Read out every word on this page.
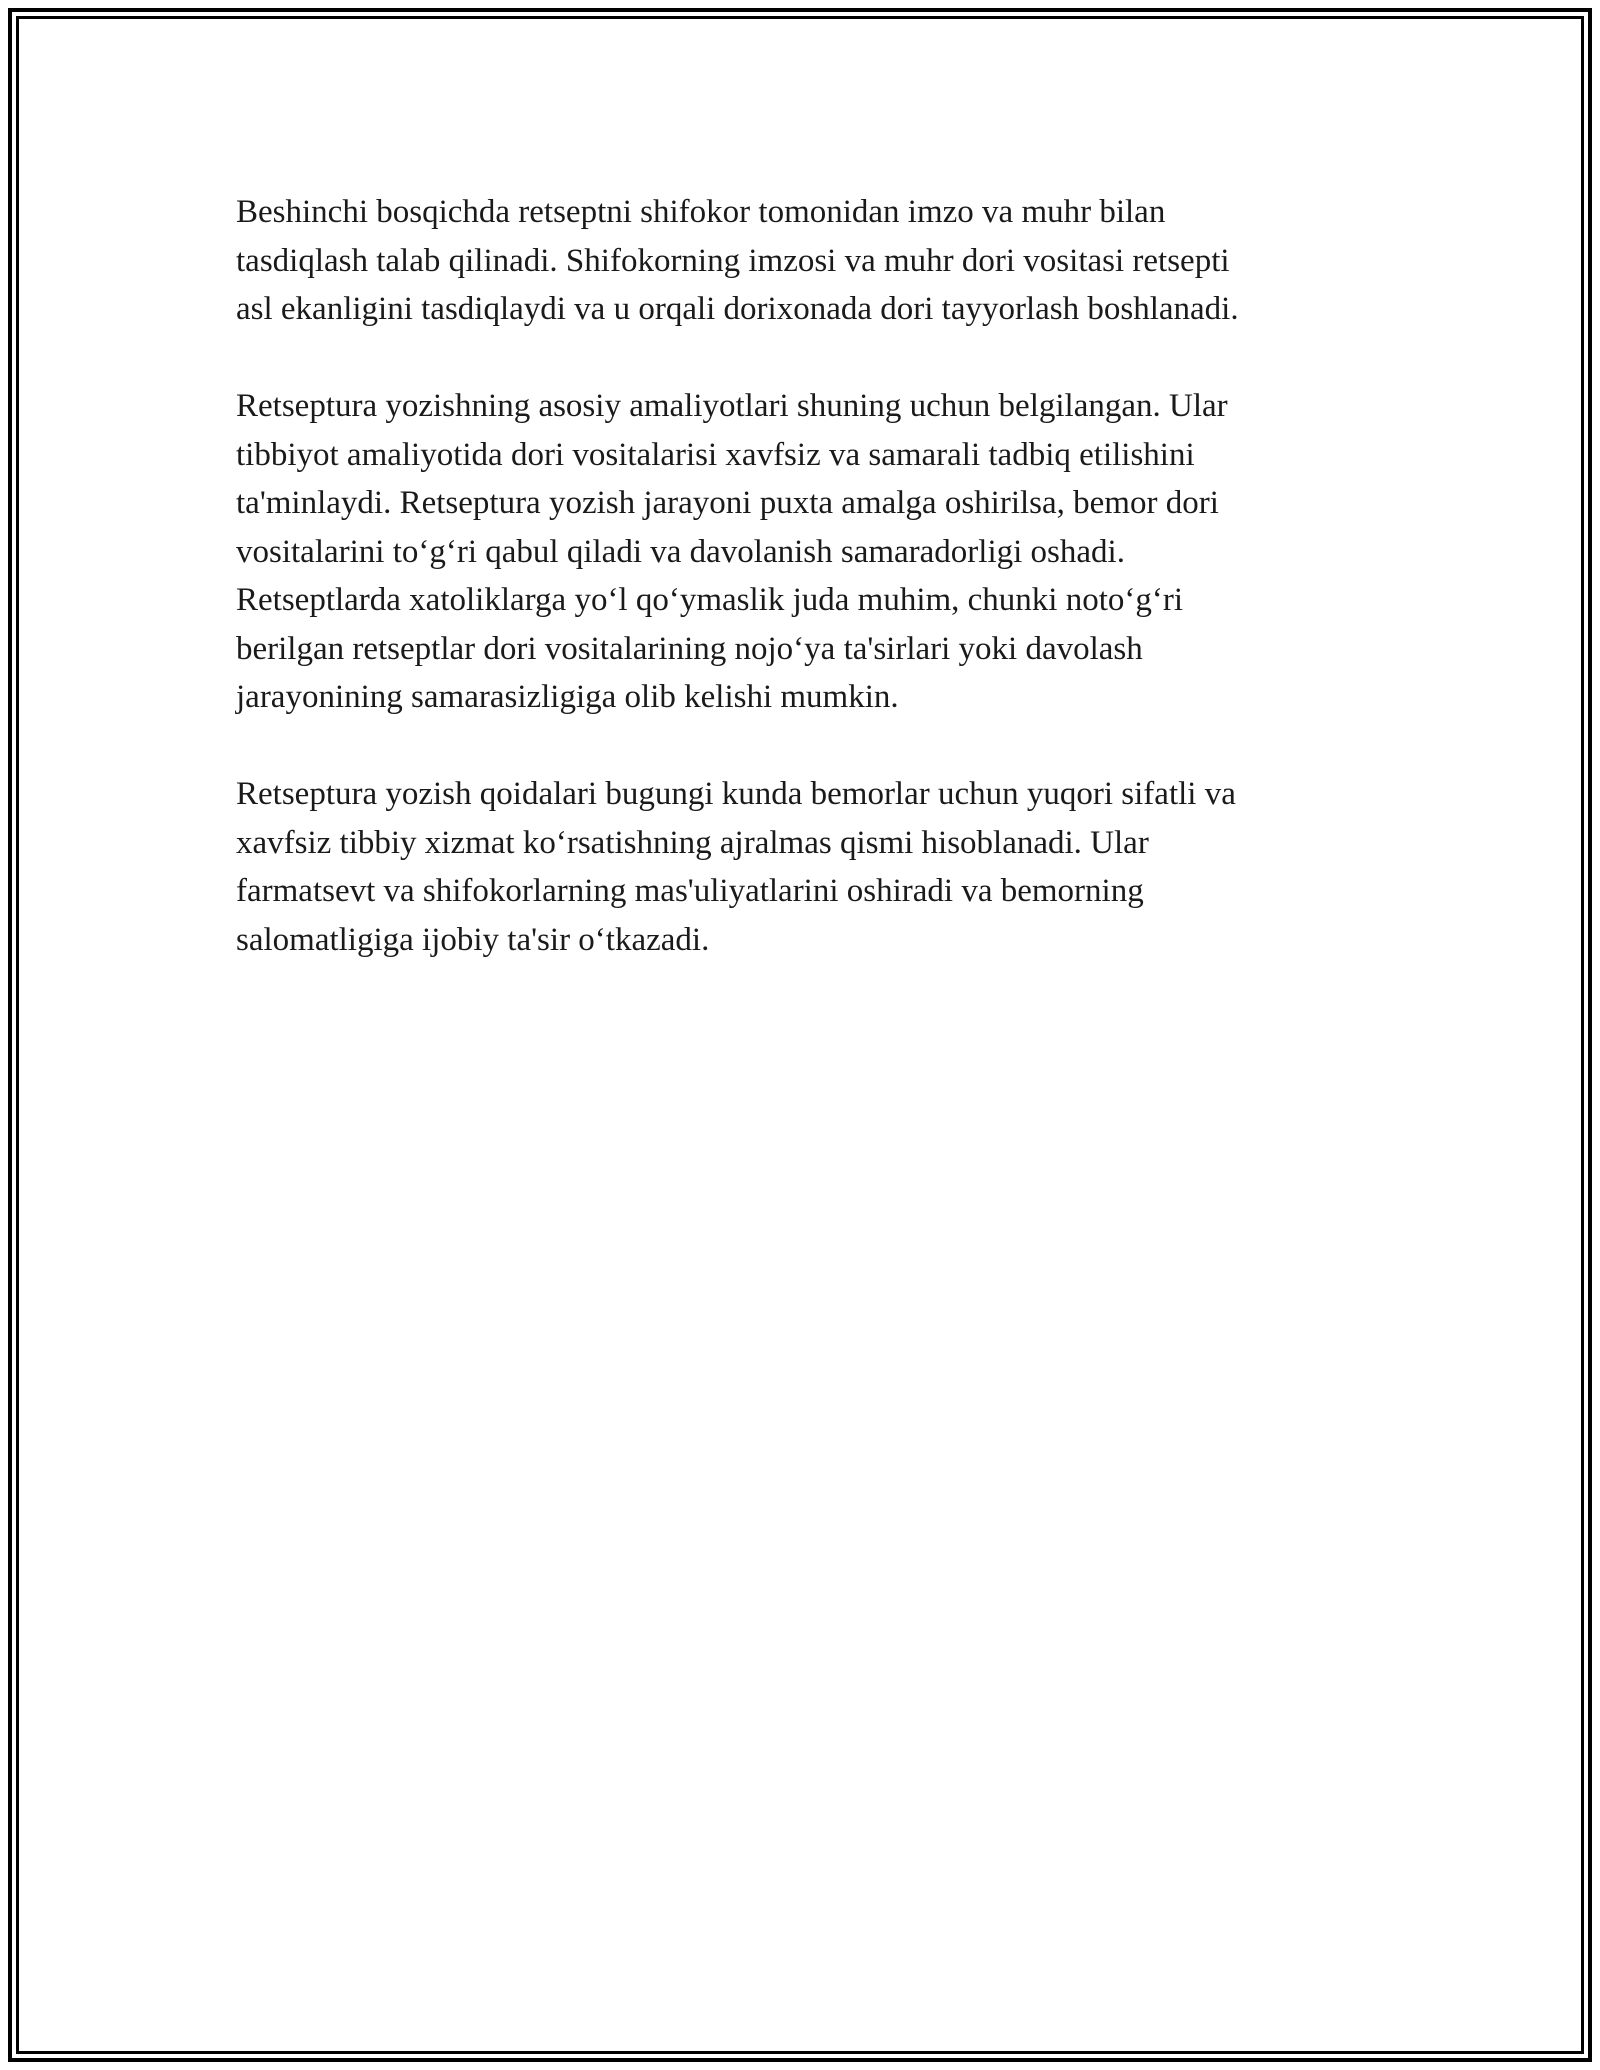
Beshinchi bosqichda retseptni shifokor tomonidan imzo va muhr bilan
tasdiqlash talab qilinadi. Shifokorning imzosi va muhr dori vositasi retsepti
asl ekanligini tasdiqlaydi va u orqali dorixonada dori tayyorlash boshlanadi.

Retseptura yozishning asosiy amaliyotlari shuning uchun belgilangan. Ular
tibbiyot amaliyotida dori vositalarisi xavfsiz va samarali tadbiq etilishini
ta'minlaydi. Retseptura yozish jarayoni puxta amalga oshirilsa, bemor dori
vositalarini to‘g‘ri qabul qiladi va davolanish samaradorligi oshadi.
Retseptlarda xatoliklarga yo‘l qo‘ymaslik juda muhim, chunki noto‘g‘ri
berilgan retseptlar dori vositalarining nojo‘ya ta'sirlari yoki davolash
jarayonining samarasizligiga olib kelishi mumkin.

Retseptura yozish qoidalari bugungi kunda bemorlar uchun yuqori sifatli va
xavfsiz tibbiy xizmat ko‘rsatishning ajralmas qismi hisoblanadi. Ular
farmatsevt va shifokorlarning mas'uliyatlarini oshiradi va bemorning
salomatligiga ijobiy ta'sir o‘tkazadi.
